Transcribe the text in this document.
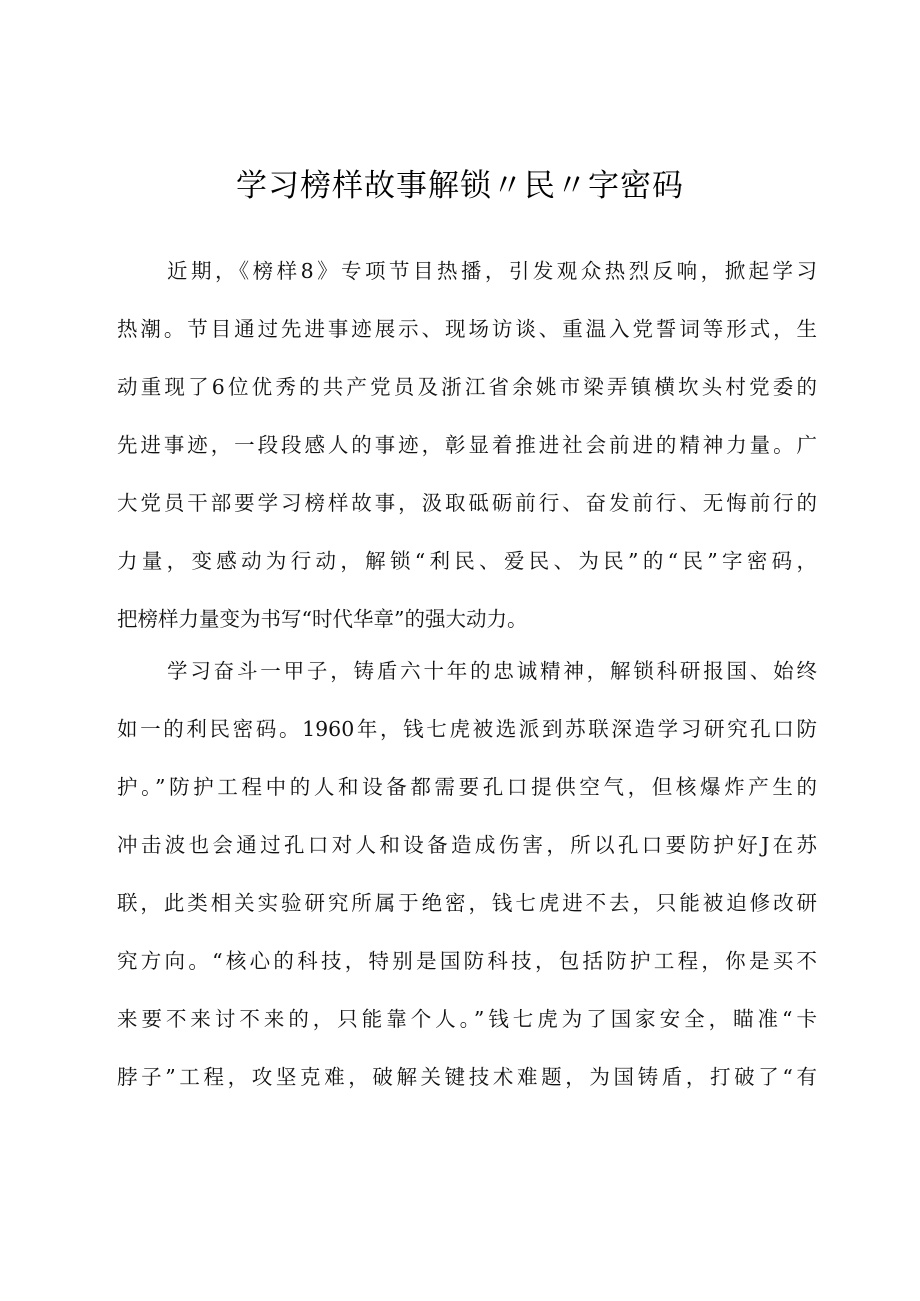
学习榜样故事解锁〃民〃字密码
近期，《榜样8》专项节目热播，引发观众热烈反响，掀起学习
热潮。节目通过先进事迹展示、现场访谈、重温入党誓词等形式，生
动重现了6位优秀的共产党员及浙江省余姚市梁弄镇横坎头村党委的
先进事迹，一段段感人的事迹，彰显着推进社会前进的精神力量。广
大党员干部要学习榜样故事，汲取砥砺前行、奋发前行、无悔前行的
力量，变感动为行动，解锁“利民、爱民、为民”的“民”字密码，
把榜样力量变为书写“时代华章”的强大动力。
学习奋斗一甲子，铸盾六十年的忠诚精神，解锁科研报国、始终
如一的利民密码。1960年，钱七虎被选派到苏联深造学习研究孔口防
护。”防护工程中的人和设备都需要孔口提供空气，但核爆炸产生的
冲击波也会通过孔口对人和设备造成伤害，所以孔口要防护好J在苏
联，此类相关实验研究所属于绝密，钱七虎进不去，只能被迫修改研
究方向。“核心的科技，特别是国防科技，包括防护工程，你是买不
来要不来讨不来的，只能靠个人。”钱七虎为了国家安全，瞄准“卡
脖子”工程，攻坚克难，破解关键技术难题，为国铸盾，打破了“有
